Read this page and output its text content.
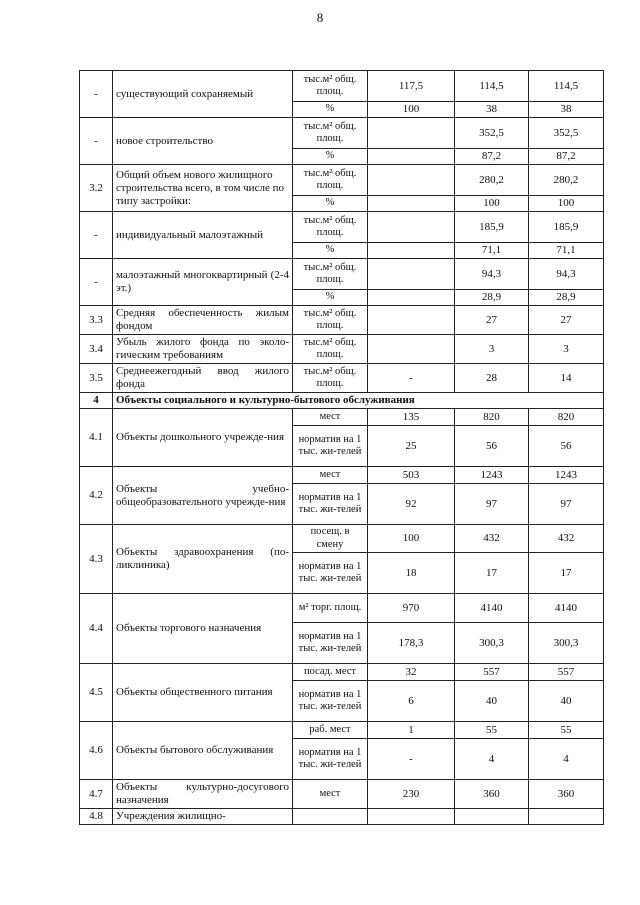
8
-	существующий сохраняемый	тыс.м² общ. площ.	117,5	114,5	114,5
		%	100	38	38
-	новое строительство	тыс.м² общ. площ.		352,5	352,5
		%		87,2	87,2
3.2	Общий объем нового жилищного строительства всего, в том числе по типу застройки:	тыс.м² общ. площ.		280,2	280,2
		%		100	100
-	индивидуальный малоэтажный	тыс.м² общ. площ.		185,9	185,9
		%		71,1	71,1
-	малоэтажный многоквартирный (2-4 эт.)	тыс.м² общ. площ.		94,3	94,3
		%		28,9	28,9
3.3	Средняя обеспеченность жилым фондом	тыс.м² общ. площ.		27	27
3.4	Убыль жилого фонда по эколо-гическим требованиям	тыс.м² общ. площ.		3	3
3.5	Среднеежегодный ввод жилого фонда	тыс.м² общ. площ.	-	28	14
4	Объекты социального и культурно-бытового обслуживания				
4.1	Объекты дошкольного учрежде-ния	мест	135	820	820
		норматив на 1 тыс. жи-телей	25	56	56
4.2	Объекты учебно-общеобразовательного учрежде-ния	мест	503	1243	1243
		норматив на 1 тыс. жи-телей	92	97	97
4.3	Объекты здравоохранения (по-ликлиника)	посещ. в смену	100	432	432
		норматив на 1 тыс. жи-телей	18	17	17
4.4	Объекты торгового назначения	м² торг. площ.	970	4140	4140
		норматив на 1 тыс. жи-телей	178,3	300,3	300,3
4.5	Объекты общественного питания	посад. мест	32	557	557
		норматив на 1 тыс. жи-телей	6	40	40
4.6	Объекты бытового обслуживания	раб. мест	1	55	55
		норматив на 1 тыс. жи-телей	-	4	4
4.7	Объекты культурно-досугового назначения	мест	230	360	360
4.8	Учреждения жилищно-				
